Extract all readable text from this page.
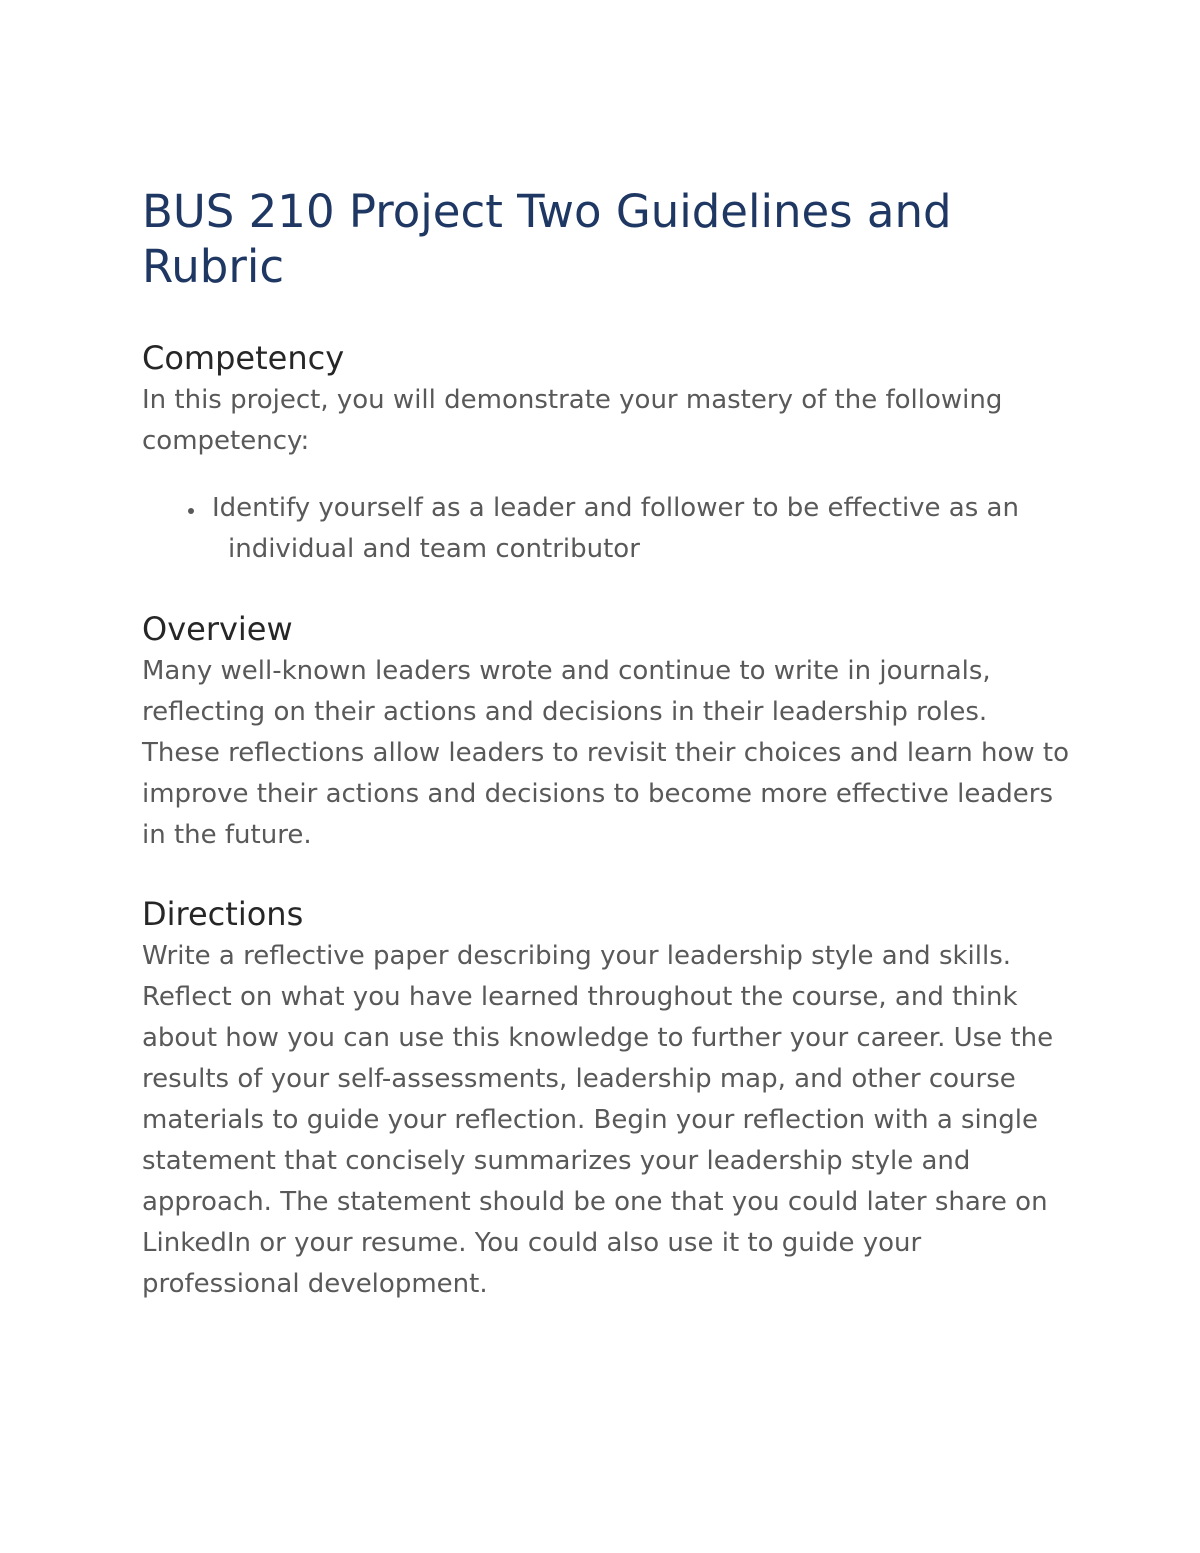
BUS 210 Project Two Guidelines and Rubric
Competency

In this project, you will demonstrate your mastery of the following competency:

Identify yourself as a leader and follower to be effective as an individual and team contributor
Overview

Many well-known leaders wrote and continue to write in journals, reflecting on their actions and decisions in their leadership roles. These reflections allow leaders to revisit their choices and learn how to improve their actions and decisions to become more effective leaders in the future.

Directions

Write a reflective paper describing your leadership style and skills. Reflect on what you have learned throughout the course, and think about how you can use this knowledge to further your career. Use the results of your self-assessments, leadership map, and other course materials to guide your reflection. Begin your reflection with a single statement that concisely summarizes your leadership style and approach. The statement should be one that you could later share on LinkedIn or your resume. You could also use it to guide your professional development.
